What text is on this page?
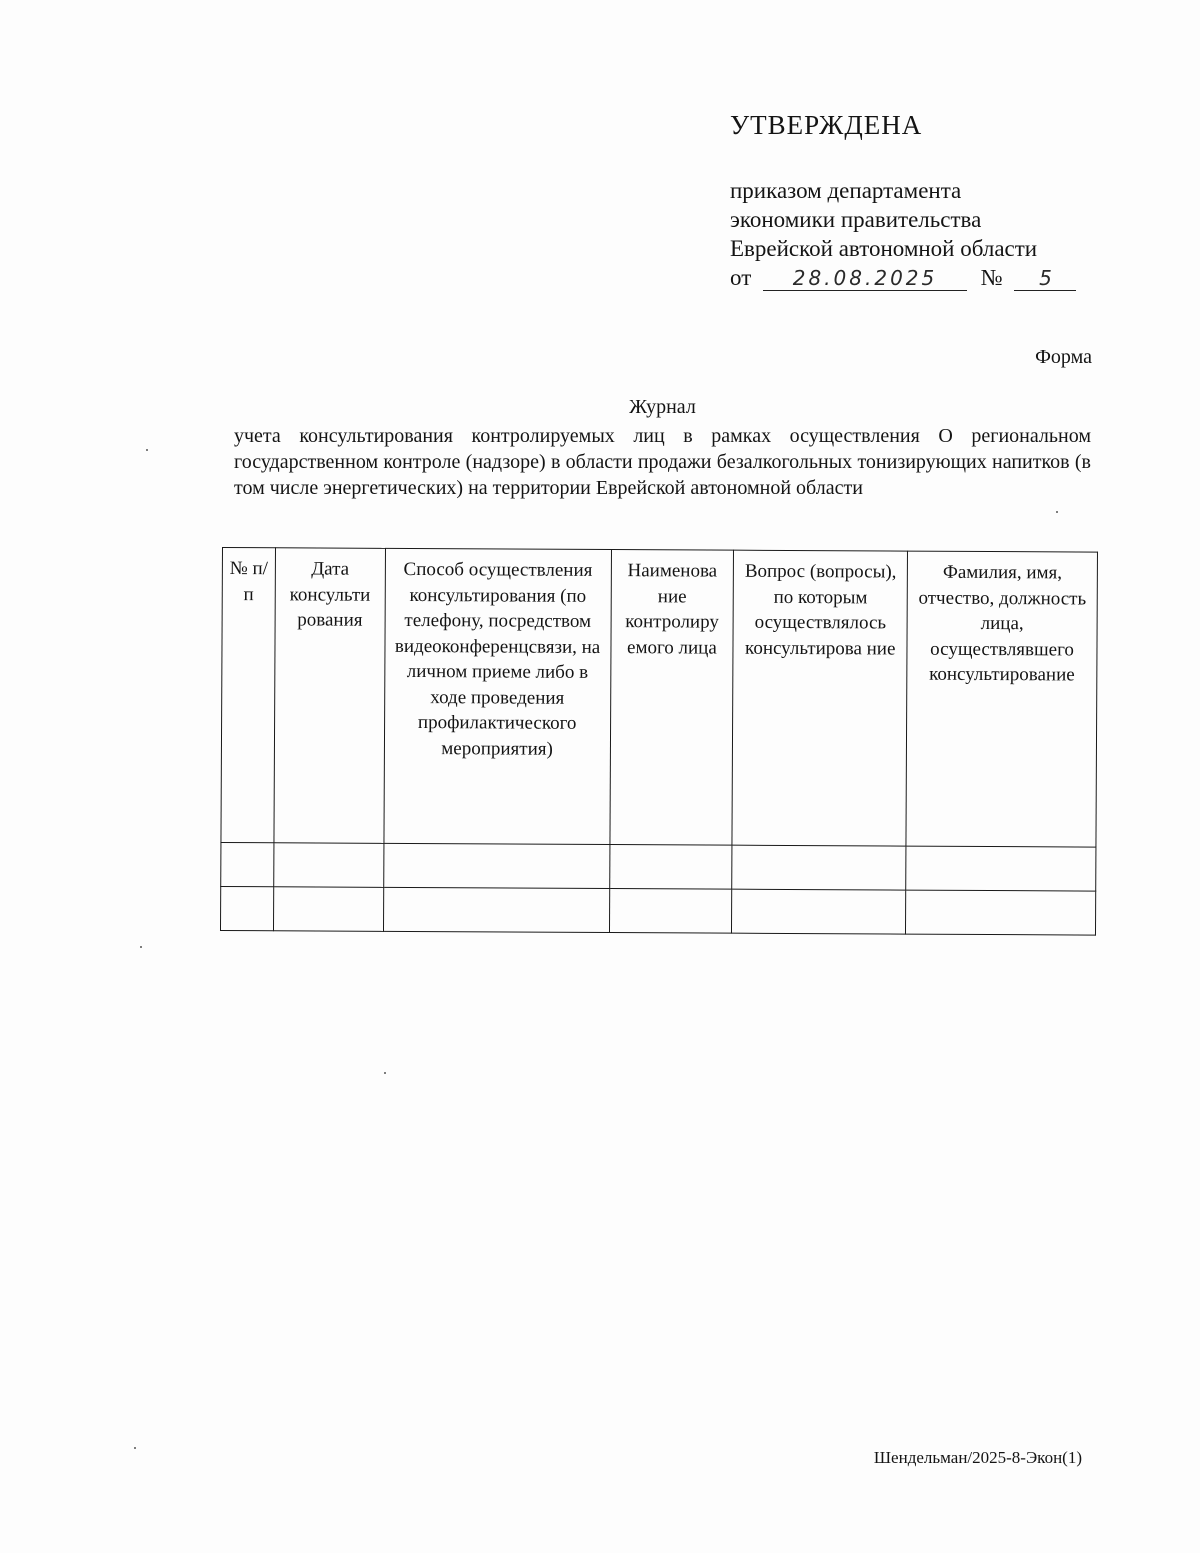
УТВЕРЖДЕНА
приказом департамента
экономики правительства
Еврейской автономной области
от 28.08.2025 № 5
Форма
Журнал
учета консультирования контролируемых лиц в рамках осуществления О региональном государственном контроле (надзоре) в области продажи безалкогольных тонизирующих напитков (в том числе энергетических) на территории Еврейской автономной области
№ п/п	Дата консульти рования	Способ осуществления консультирования (по телефону, посредством видеоконференцсвязи, на личном приеме либо в ходе проведения профилактического мероприятия)	Наименова ние контролиру емого лица	Вопрос (вопросы), по которым осуществлялось консультирова ние	Фамилия, имя, отчество, должность лица, осуществлявшего консультирование

Шендельман/2025-8-Экон(1)
